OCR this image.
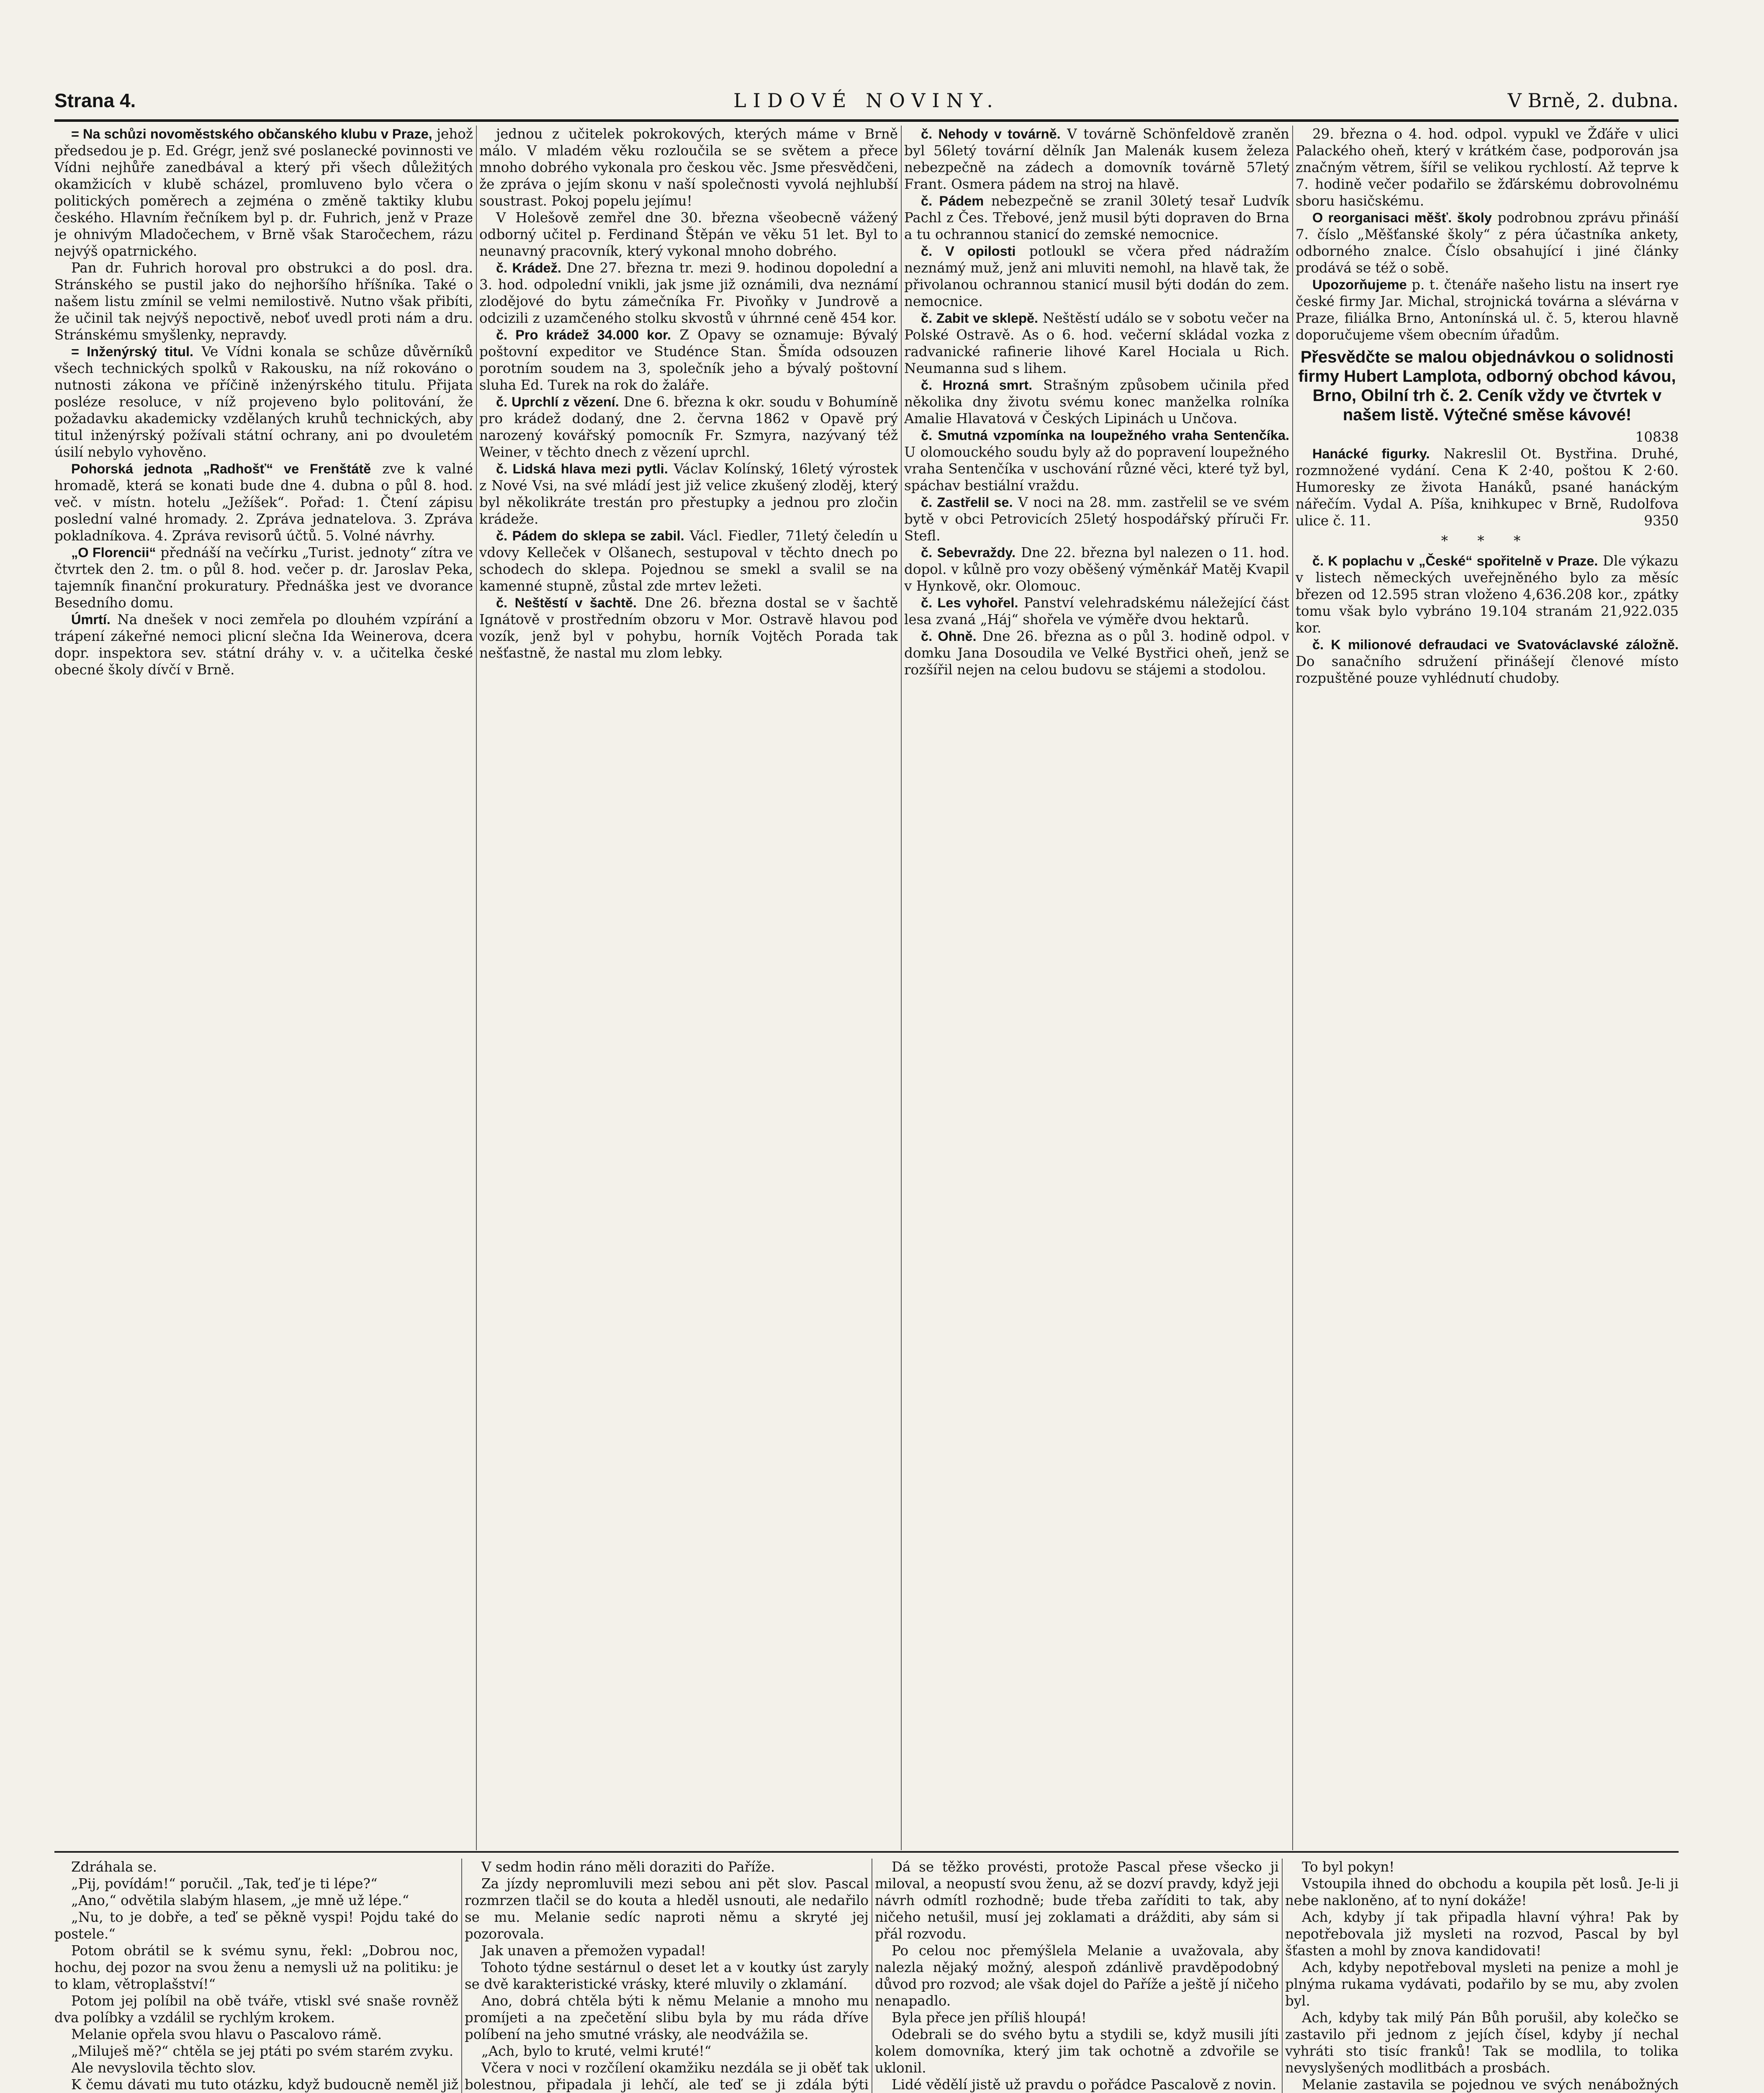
Strana 4.	LIDOVÉ NOVINY.	V Brně, 2. dubna.

= Na schůzi novoměstského občanského klubu v Praze, jehož předsedou je p. Ed. Grégr, jenž své poslanecké povinnosti ve Vídni nejhůře zanedbával a který při všech důležitých okamžicích v klubě scházel, promluveno bylo včera o politických poměrech a zejména o změně taktiky klubu českého. Hlavním řečníkem byl p. dr. Fuhrich, jenž v Praze je ohnivým Mladočechem, v Brně však Staročechem, rázu nejvýš opatrnického.

Pan dr. Fuhrich horoval pro obstrukci a do posl. dra. Stránského se pustil jako do nejhoršího hříšníka. Také o našem listu zmínil se velmi nemilostivě. Nutno však přibíti, že učinil tak nejvýš nepoctivě, neboť uvedl proti nám a dru. Stránskému smyšlenky, nepravdy.

= Inženýrský titul. Ve Vídni konala se schůze důvěrníků všech technických spolků v Rakousku, na níž rokováno o nutnosti zákona ve příčině inženýrského titulu. Přijata posléze resoluce, v níž projeveno bylo politování, že požadavku akademicky vzdělaných kruhů technických, aby titul inženýrský požívali státní ochrany, ani po dvouletém úsilí nebylo vyhověno.

Pohorská jednota „Radhošť“ ve Frenštátě zve k valné hromadě, která se konati bude dne 4. dubna o půl 8. hod. več. v místn. hotelu „Ježíšek“. Pořad: 1. Čtení zápisu poslední valné hromady. 2. Zpráva jednatelova. 3. Zpráva pokladníkova. 4. Zpráva revisorů účtů. 5. Volné návrhy.

„O Florencii“ přednáší na večírku „Turist. jednoty“ zítra ve čtvrtek den 2. tm. o půl 8. hod. večer p. dr. Jaroslav Peka, tajemník finanční prokuratury. Přednáška jest ve dvorance Besedního domu.

Úmrtí. Na dnešek v noci zemřela po dlouhém vzpírání a trápení zákeřné nemoci plicní slečna Ida Weinerova, dcera dopr. inspektora sev. státní dráhy v. v. a učitelka české obecné školy dívčí v Brně.

jednou z učitelek pokrokových, kterých máme v Brně málo. V mladém věku rozloučila se se světem a přece mnoho dobrého vykonala pro českou věc. Jsme přesvědčeni, že zpráva o jejím skonu v naší společnosti vyvolá nejhlubší soustrast. Pokoj popelu jejímu!

V Holešově zemřel dne 30. března všeobecně vážený odborný učitel p. Ferdinand Štěpán ve věku 51 let. Byl to neunavný pracovník, který vykonal mnoho dobrého.

č. Krádež. Dne 27. března tr. mezi 9. hodinou dopolední a 3. hod. odpolední vnikli, jak jsme již oznámili, dva neznámí zlodějové do bytu zámečníka Fr. Pivoňky v Jundrově a odcizili z uzamčeného stolku skvostů v úhrnné ceně 454 kor.

č. Pro krádež 34.000 kor. Z Opavy se oznamuje: Bývalý poštovní expeditor ve Studénce Stan. Šmída odsouzen porotním soudem na 3, společník jeho a bývalý poštovní sluha Ed. Turek na rok do žaláře.

č. Uprchlí z vězení. Dne 6. března k okr. soudu v Bohumíně pro krádež dodaný, dne 2. června 1862 v Opavě prý narozený kovářský pomocník Fr. Szmyra, nazývaný též Weiner, v těchto dnech z vězení uprchl.

č. Lidská hlava mezi pytli. Václav Kolínský, 16letý výrostek z Nové Vsi, na své mládí jest již velice zkušený zloděj, který byl několikráte trestán pro přestupky a jednou pro zločin krádeže.

č. Pádem do sklepa se zabil. Václ. Fiedler, 71letý čeledín u vdovy Kelleček v Olšanech, sestupoval v těchto dnech po schodech do sklepa. Pojednou se smekl a svalil se na kamenné stupně, zůstal zde mrtev ležeti.

č. Neštěstí v šachtě. Dne 26. března dostal se v šachtě Ignátově v prostředním obzoru v Mor. Ostravě hlavou pod vozík, jenž byl v pohybu, horník Vojtěch Porada tak nešťastně, že nastal mu zlom lebky.

č. Nehody v továrně. V továrně Schönfeldově zraněn byl 56letý tovární dělník Jan Malenák kusem železa nebezpečně na zádech a domovník továrně 57letý Frant. Osmera pádem na stroj na hlavě.

č. Pádem nebezpečně se zranil 30letý tesař Ludvík Pachl z Čes. Třebové, jenž musil býti dopraven do Brna a tu ochrannou stanicí do zemské nemocnice.

č. V opilosti potloukl se včera před nádražím neznámý muž, jenž ani mluviti nemohl, na hlavě tak, že přivolanou ochrannou stanicí musil býti dodán do zem. nemocnice.

č. Zabit ve sklepě. Neštěstí událo se v sobotu večer na Polské Ostravě. As o 6. hod. večerní skládal vozka z radvanické rafinerie lihové Karel Hociala u Rich. Neumanna sud s lihem.

č. Hrozná smrt. Strašným způsobem učinila před několika dny životu svému konec manželka rolníka Amalie Hlavatová v Českých Lipinách u Unčova.

č. Smutná vzpomínka na loupežného vraha Sentenčíka. U olomouckého soudu byly až do popravení loupežného vraha Sentenčíka v uschování různé věci, které tyž byl, spáchav bestiální vraždu.

č. Zastřelil se. V noci na 28. mm. zastřelil se ve svém bytě v obci Petrovicích 25letý hospodářský příruči Fr. Stefl.

č. Sebevraždy. Dne 22. března byl nalezen o 11. hod. dopol. v kůlně pro vozy oběšený výměnkář Matěj Kvapil v Hynkově, okr. Olomouc.

č. Les vyhořel. Panství velehradskému náležející část lesa zvaná „Háj“ shořela ve výměře dvou hektarů.

č. Ohně. Dne 26. března as o půl 3. hodině odpol. v domku Jana Dosoudila ve Velké Bystřici oheň, jenž se rozšířil nejen na celou budovu se stájemi a stodolou.

29. března o 4. hod. odpol. vypukl ve Žďáře v ulici Palackého oheň, který v krátkém čase, podporován jsa značným větrem, šířil se velikou rychlostí. Až teprve k 7. hodině večer podařilo se žďárskému dobrovolnému sboru hasičskému.

O reorganisaci měšť. školy podrobnou zprávu přináší 7. číslo „Měšťanské školy“ z péra účastníka ankety, odborného znalce. Číslo obsahující i jiné články prodává se též o sobě.

Upozorňujeme p. t. čtenáře našeho listu na insert rye české firmy Jar. Michal, strojnická továrna a slévárna v Praze, filiálka Brno, Antonínská ul. č. 5, kterou hlavně doporučujeme všem obecním úřadům.

Přesvědčte se malou objednávkou o solidnosti firmy Hubert Lamplota, odborný obchod kávou, Brno, Obilní trh č. 2. Ceník vždy ve čtvrtek v našem listě. Výtečné směse kávové!

10838

Hanácké figurky. Nakreslil Ot. Bystřina. Druhé, rozmnožené vydání. Cena K 2·40, poštou K 2·60. Humoresky ze života Hanáků, psané hanáckým nářečím. Vydal A. Píša, knihkupec v Brně, Rudolfova ulice č. 11.	9350

* * *

č. K poplachu v „České“ spořitelně v Praze. Dle výkazu v listech německých uveřejněného bylo za měsíc březen od 12.595 stran vloženo 4,636.208 kor., zpátky tomu však bylo vybráno 19.104 stranám 21,922.035 kor.

č. K milionové defraudaci ve Svatováclavské záložně. Do sanačního sdružení přinášejí členové místo rozpuštěné pouze vyhlédnutí chudoby.

Zdráhala se.

„Pij, povídám!“ poručil. „Tak, teď je ti lépe?“

„Ano,“ odvětila slabým hlasem, „je mně už lépe.“

„Nu, to je dobře, a teď se pěkně vyspi! Pojdu také do postele.“

Potom obrátil se k svému synu, řekl: „Dobrou noc, hochu, dej pozor na svou ženu a nemysli už na politiku: je to klam, větroplašství!“

Potom jej políbil na obě tváře, vtiskl své snaše rovněž dva políbky a vzdálil se rychlým krokem.

Melanie opřela svou hlavu o Pascalovo rámě.

„Miluješ mě?“ chtěla se jej ptáti po svém starém zvyku.

Ale nevyslovila těchto slov.

K čemu dávati mu tuto otázku, když budoucně neměl již

V sedm hodin ráno měli doraziti do Paříže.

Za jízdy nepromluvili mezi sebou ani pět slov. Pascal rozmrzen tlačil se do kouta a hleděl usnouti, ale nedařilo se mu. Melanie sedíc naproti němu a skryté jej pozorovala.

Jak unaven a přemožen vypadal!

Tohoto týdne sestárnul o deset let a v koutky úst zaryly se dvě karakteristické vrásky, které mluvily o zklamání.

Ano, dobrá chtěla býti k němu Melanie a mnoho mu promíjeti a na zpečetění slibu byla by mu ráda dříve políbení na jeho smutné vrásky, ale neodvážila se.

„Ach, bylo to kruté, velmi kruté!“

Včera v noci v rozčílení okamžiku nezdála se ji oběť tak bolestnou, připadala ji lehčí, ale teď se ji zdála býti

Dá se těžko provésti, protože Pascal přese všecko ji miloval, a neopustí svou ženu, až se dozví pravdy, když jeji návrh odmítl rozhodně; bude třeba zaříditi to tak, aby ničeho netušil, musí jej zoklamati a drážditi, aby sám si přál rozvodu.

Po celou noc přemýšlela Melanie a uvažovala, aby nalezla nějaký možný, alespoň zdánlivě pravděpodobný důvod pro rozvod; ale však dojel do Paříže a ještě jí ničeho nenapadlo.

Byla přece jen příliš hloupá!

Odebrali se do svého bytu a stydili se, když musili jíti kolem domovníka, který jim tak ochotně a zdvořile se uklonil.

Lidé vědělí jistě už pravdu o pořádce Pascalově z novin.

To byl pokyn!

Vstoupila ihned do obchodu a koupila pět losů. Je-li ji nebe nakloněno, ať to nyní dokáže!

Ach, kdyby jí tak připadla hlavní výhra! Pak by nepotřebovala již mysleti na rozvod, Pascal by byl šťasten a mohl by znova kandidovati!

Ach, kdyby nepotřeboval mysleti na penize a mohl je plnýma rukama vydávati, podařilo by se mu, aby zvolen byl.

Ach, kdyby tak milý Pán Bůh porušil, aby kolečko se zastavilo při jednom z jejích čísel, kdyby jí nechal vyhráti sto tisíc franků! Tak se modlila, to tolika nevyslyšených modlitbách a prosbách.

Melanie zastavila se pojednou ve svých nenábožných
